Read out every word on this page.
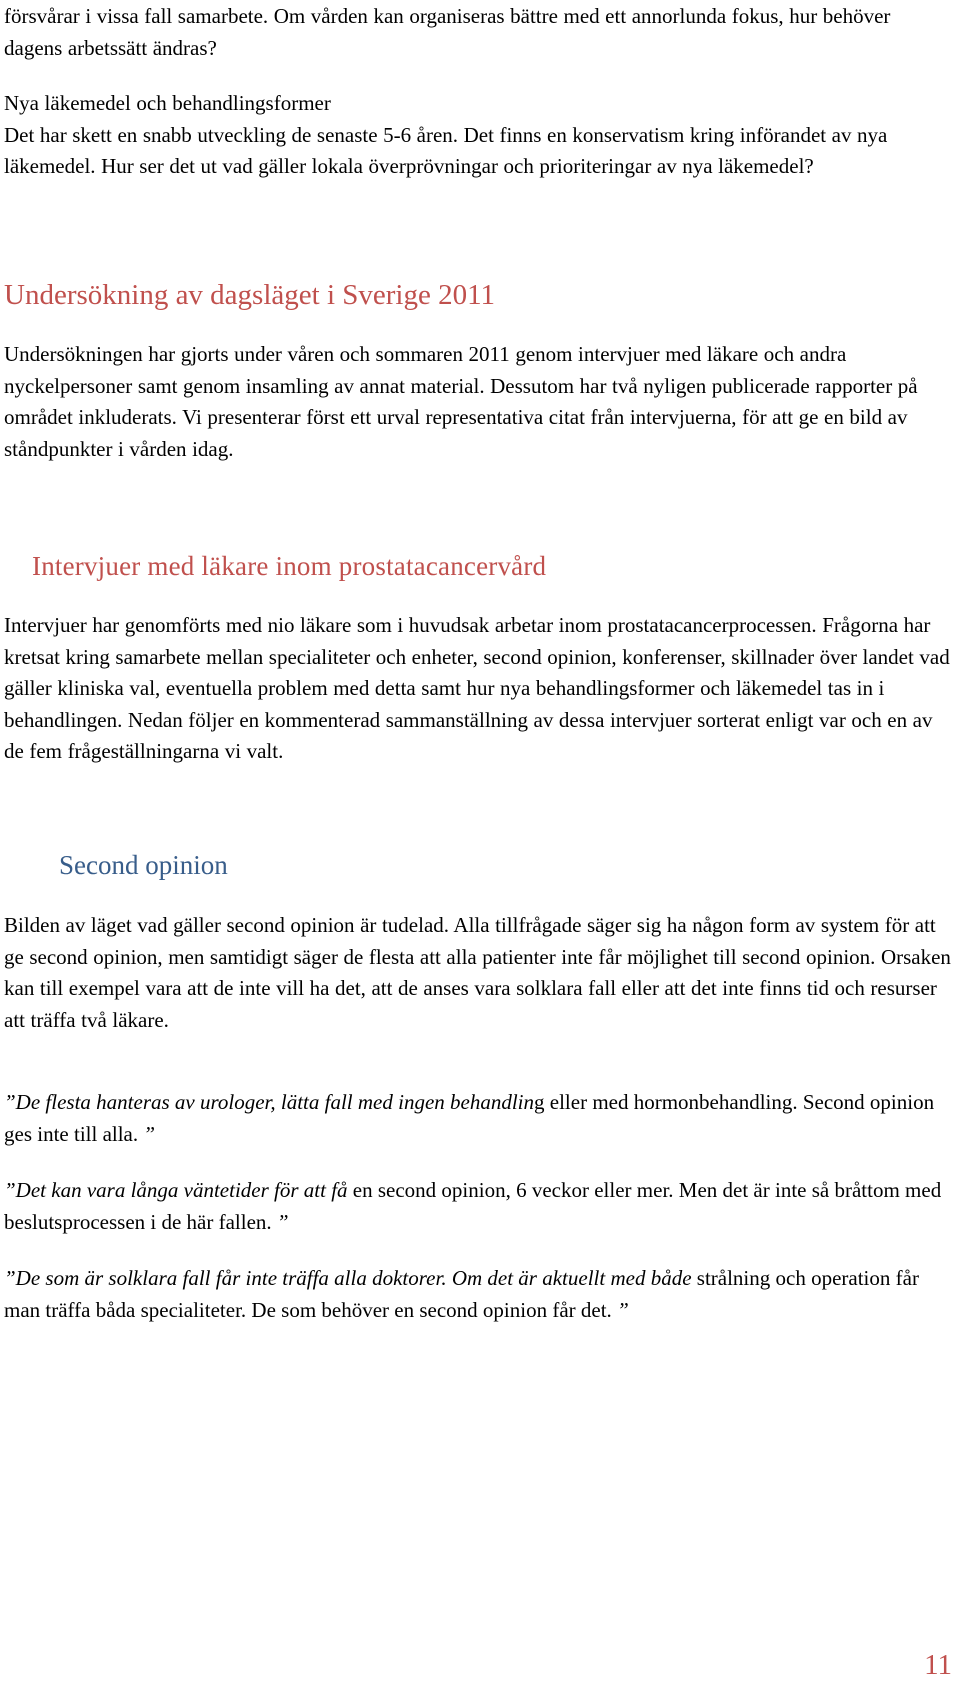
försvårar i vissa fall samarbete. Om vården kan organiseras bättre med ett annorlunda fokus, hur behöver dagens arbetssätt ändras?

Nya läkemedel och behandlingsformer
Det har skett en snabb utveckling de senaste 5-6 åren. Det finns en konservatism kring införandet av nya läkemedel. Hur ser det ut vad gäller lokala överprövningar och prioriteringar av nya läkemedel?
Undersökning av dagsläget i Sverige 2011

Undersökningen har gjorts under våren och sommaren 2011 genom intervjuer med läkare och andra nyckelpersoner samt genom insamling av annat material. Dessutom har två nyligen publicerade rapporter på området inkluderats. Vi presenterar först ett urval representativa citat från intervjuerna, för att ge en bild av ståndpunkter i vården idag.

Intervjuer med läkare inom prostatacancervård

Intervjuer har genomförts med nio läkare som i huvudsak arbetar inom prostatacancerprocessen. Frågorna har kretsat kring samarbete mellan specialiteter och enheter, second opinion, konferenser, skillnader över landet vad gäller kliniska val, eventuella problem med detta samt hur nya behandlingsformer och läkemedel tas in i behandlingen. Nedan följer en kommenterad sammanställning av dessa intervjuer sorterat enligt var och en av de fem frågeställningarna vi valt.

Second opinion

Bilden av läget vad gäller second opinion är tudelad. Alla tillfrågade säger sig ha någon form av system för att ge second opinion, men samtidigt säger de flesta att alla patienter inte får möjlighet till second opinion. Orsaken kan till exempel vara att de inte vill ha det, att de anses vara solklara fall eller att det inte finns tid och resurser att träffa två läkare.

”De flesta hanteras av urologer, lätta fall med ingen behandling eller med hormonbehandling. Second opinion ges inte till alla. ”

”Det kan vara långa väntetider för att få en second opinion, 6 veckor eller mer. Men det är inte så bråttom med beslutsprocessen i de här fallen. ”

”De som är solklara fall får inte träffa alla doktorer. Om det är aktuellt med både strålning och operation får man träffa båda specialiteter. De som behöver en second opinion får det. ”

11
